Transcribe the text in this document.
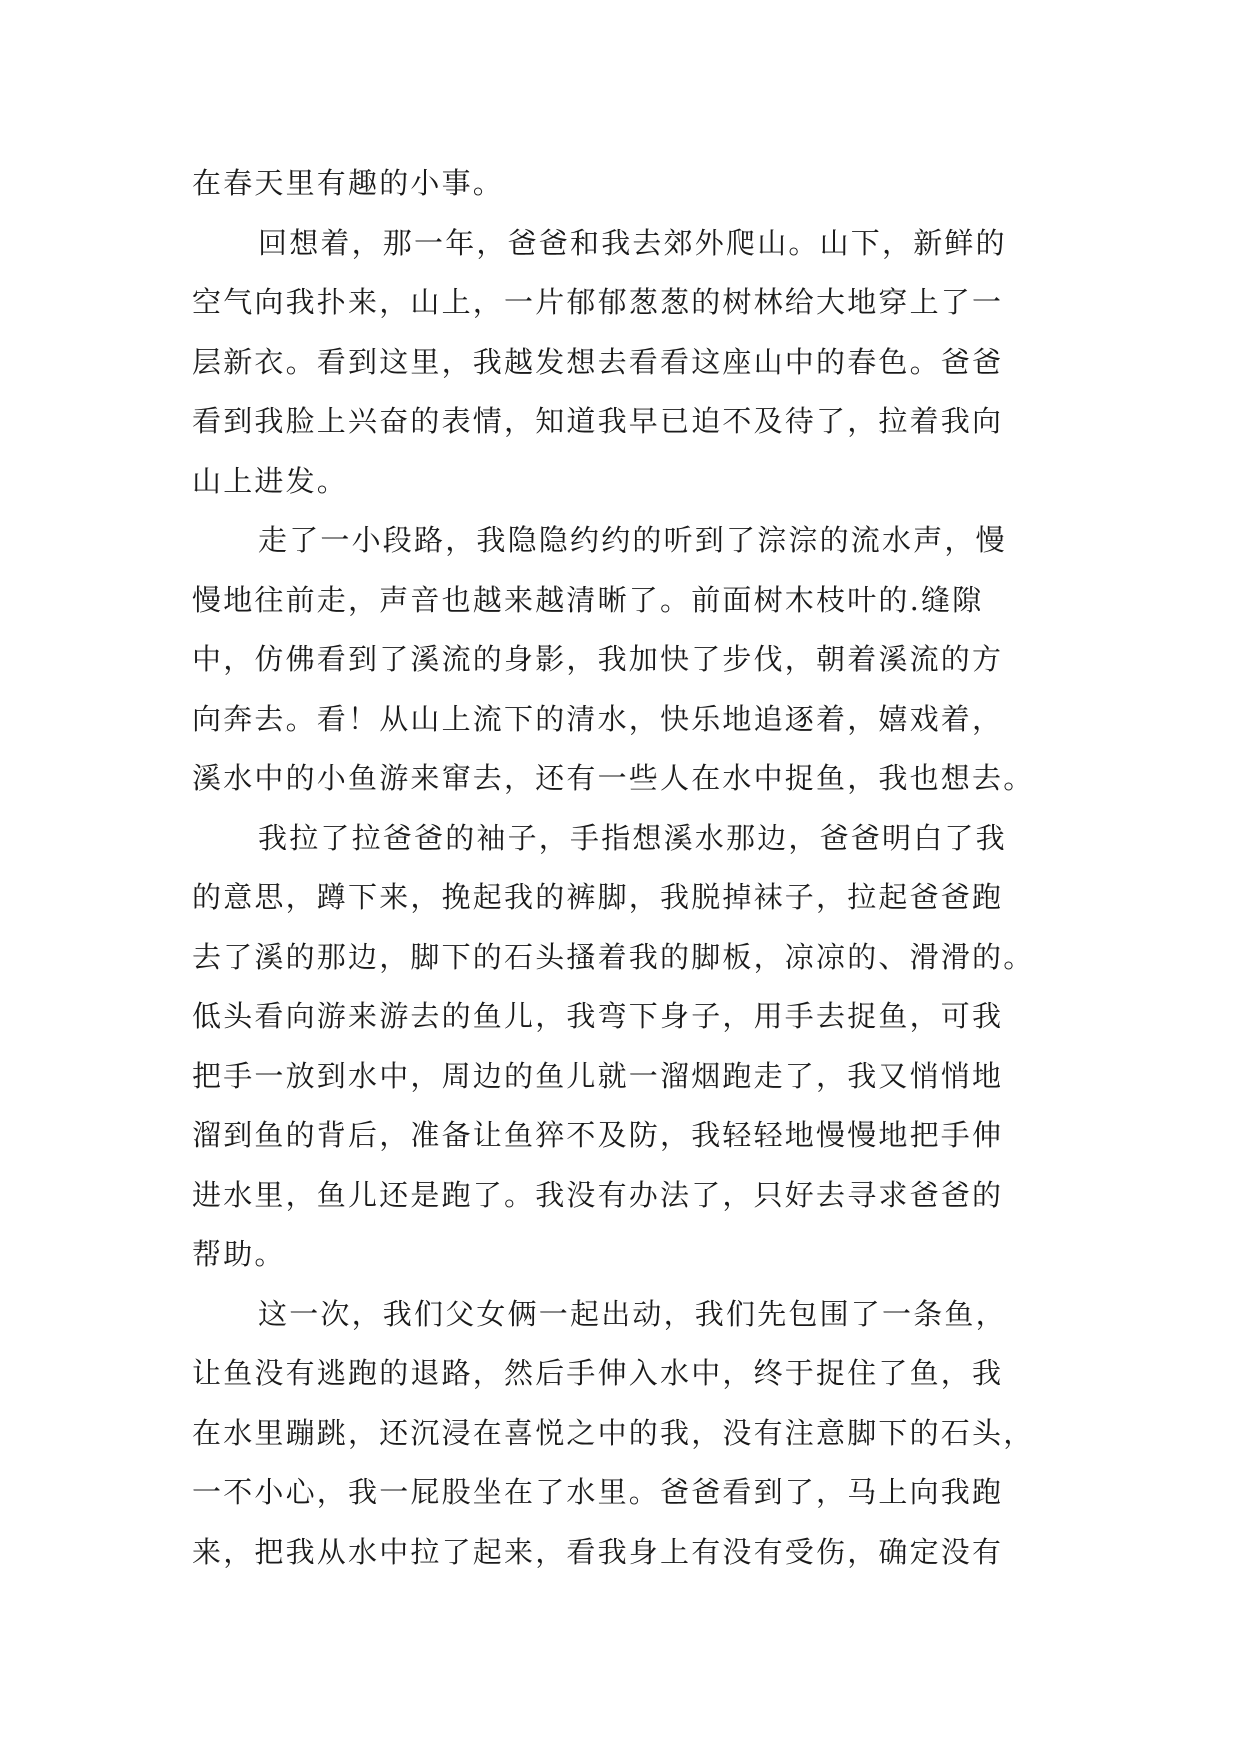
在春天里有趣的小事。
回想着，那一年，爸爸和我去郊外爬山。山下，新鲜的
空气向我扑来，山上，一片郁郁葱葱的树林给大地穿上了一
层新衣。看到这里，我越发想去看看这座山中的春色。爸爸
看到我脸上兴奋的表情，知道我早已迫不及待了，拉着我向
山上进发。
走了一小段路，我隐隐约约的听到了淙淙的流水声，慢
慢地往前走，声音也越来越清晰了。前面树木枝叶的.缝隙
中，仿佛看到了溪流的身影，我加快了步伐，朝着溪流的方
向奔去。看！从山上流下的清水，快乐地追逐着，嬉戏着，
溪水中的小鱼游来窜去，还有一些人在水中捉鱼，我也想去。
我拉了拉爸爸的袖子，手指想溪水那边，爸爸明白了我
的意思，蹲下来，挽起我的裤脚，我脱掉袜子，拉起爸爸跑
去了溪的那边，脚下的石头搔着我的脚板，凉凉的、滑滑的。
低头看向游来游去的鱼儿，我弯下身子，用手去捉鱼，可我
把手一放到水中，周边的鱼儿就一溜烟跑走了，我又悄悄地
溜到鱼的背后，准备让鱼猝不及防，我轻轻地慢慢地把手伸
进水里，鱼儿还是跑了。我没有办法了，只好去寻求爸爸的
帮助。
这一次，我们父女俩一起出动，我们先包围了一条鱼，
让鱼没有逃跑的退路，然后手伸入水中，终于捉住了鱼，我
在水里蹦跳，还沉浸在喜悦之中的我，没有注意脚下的石头，
一不小心，我一屁股坐在了水里。爸爸看到了，马上向我跑
来，把我从水中拉了起来，看我身上有没有受伤，确定没有
